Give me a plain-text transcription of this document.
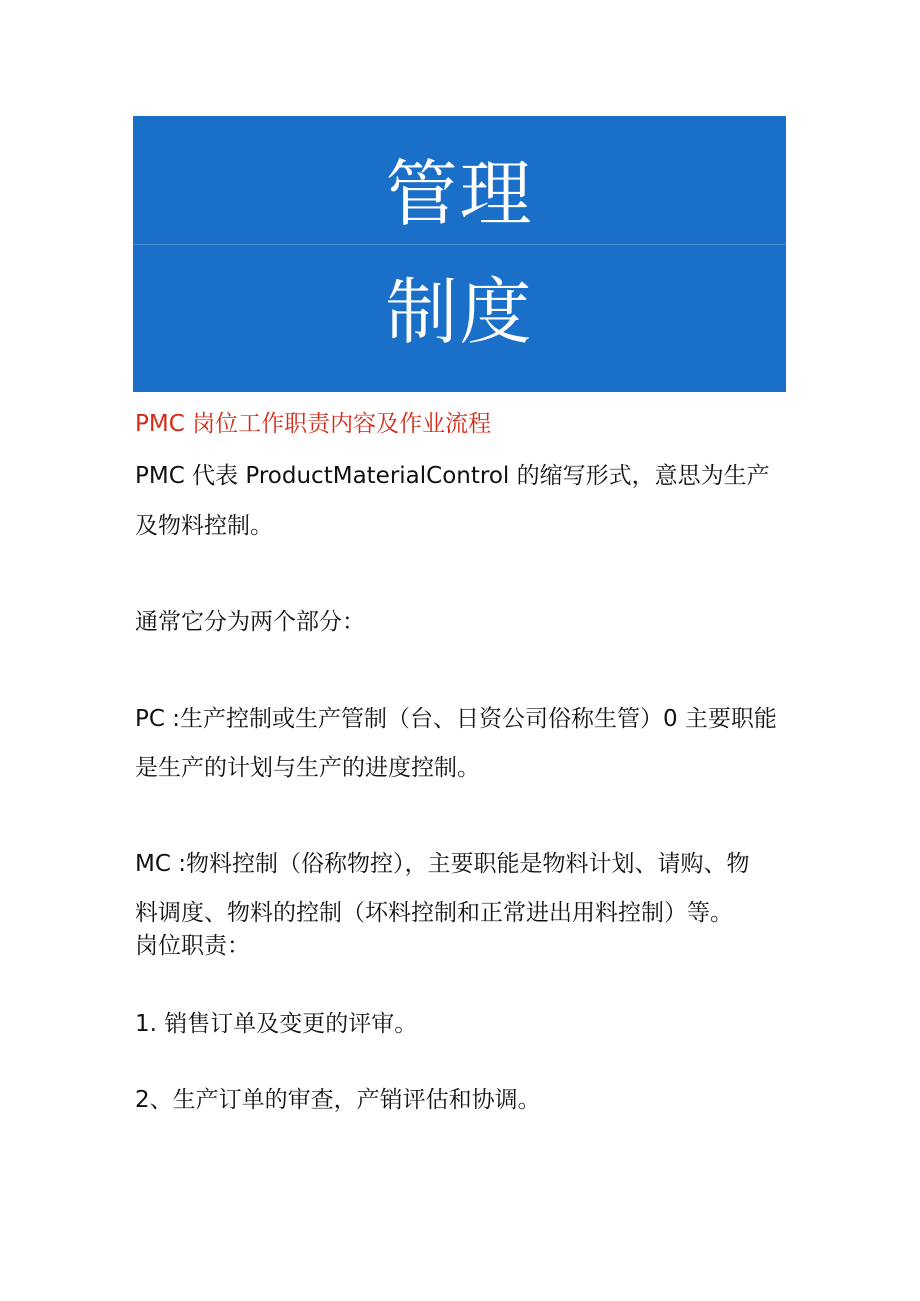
管理
制度
PMC 岗位工作职责内容及作业流程
PMC 代表 ProductMaterialControl 的缩写形式，意思为生产
及物料控制。
通常它分为两个部分：
PC :生产控制或生产管制（台、日资公司俗称生管）0 主要职能
是生产的计划与生产的进度控制。
MC :物料控制（俗称物控），主要职能是物料计划、请购、物
料调度、物料的控制（坏料控制和正常进出用料控制）等。
岗位职责：
1. 销售订单及变更的评审。
2、生产订单的审查，产销评估和协调。
